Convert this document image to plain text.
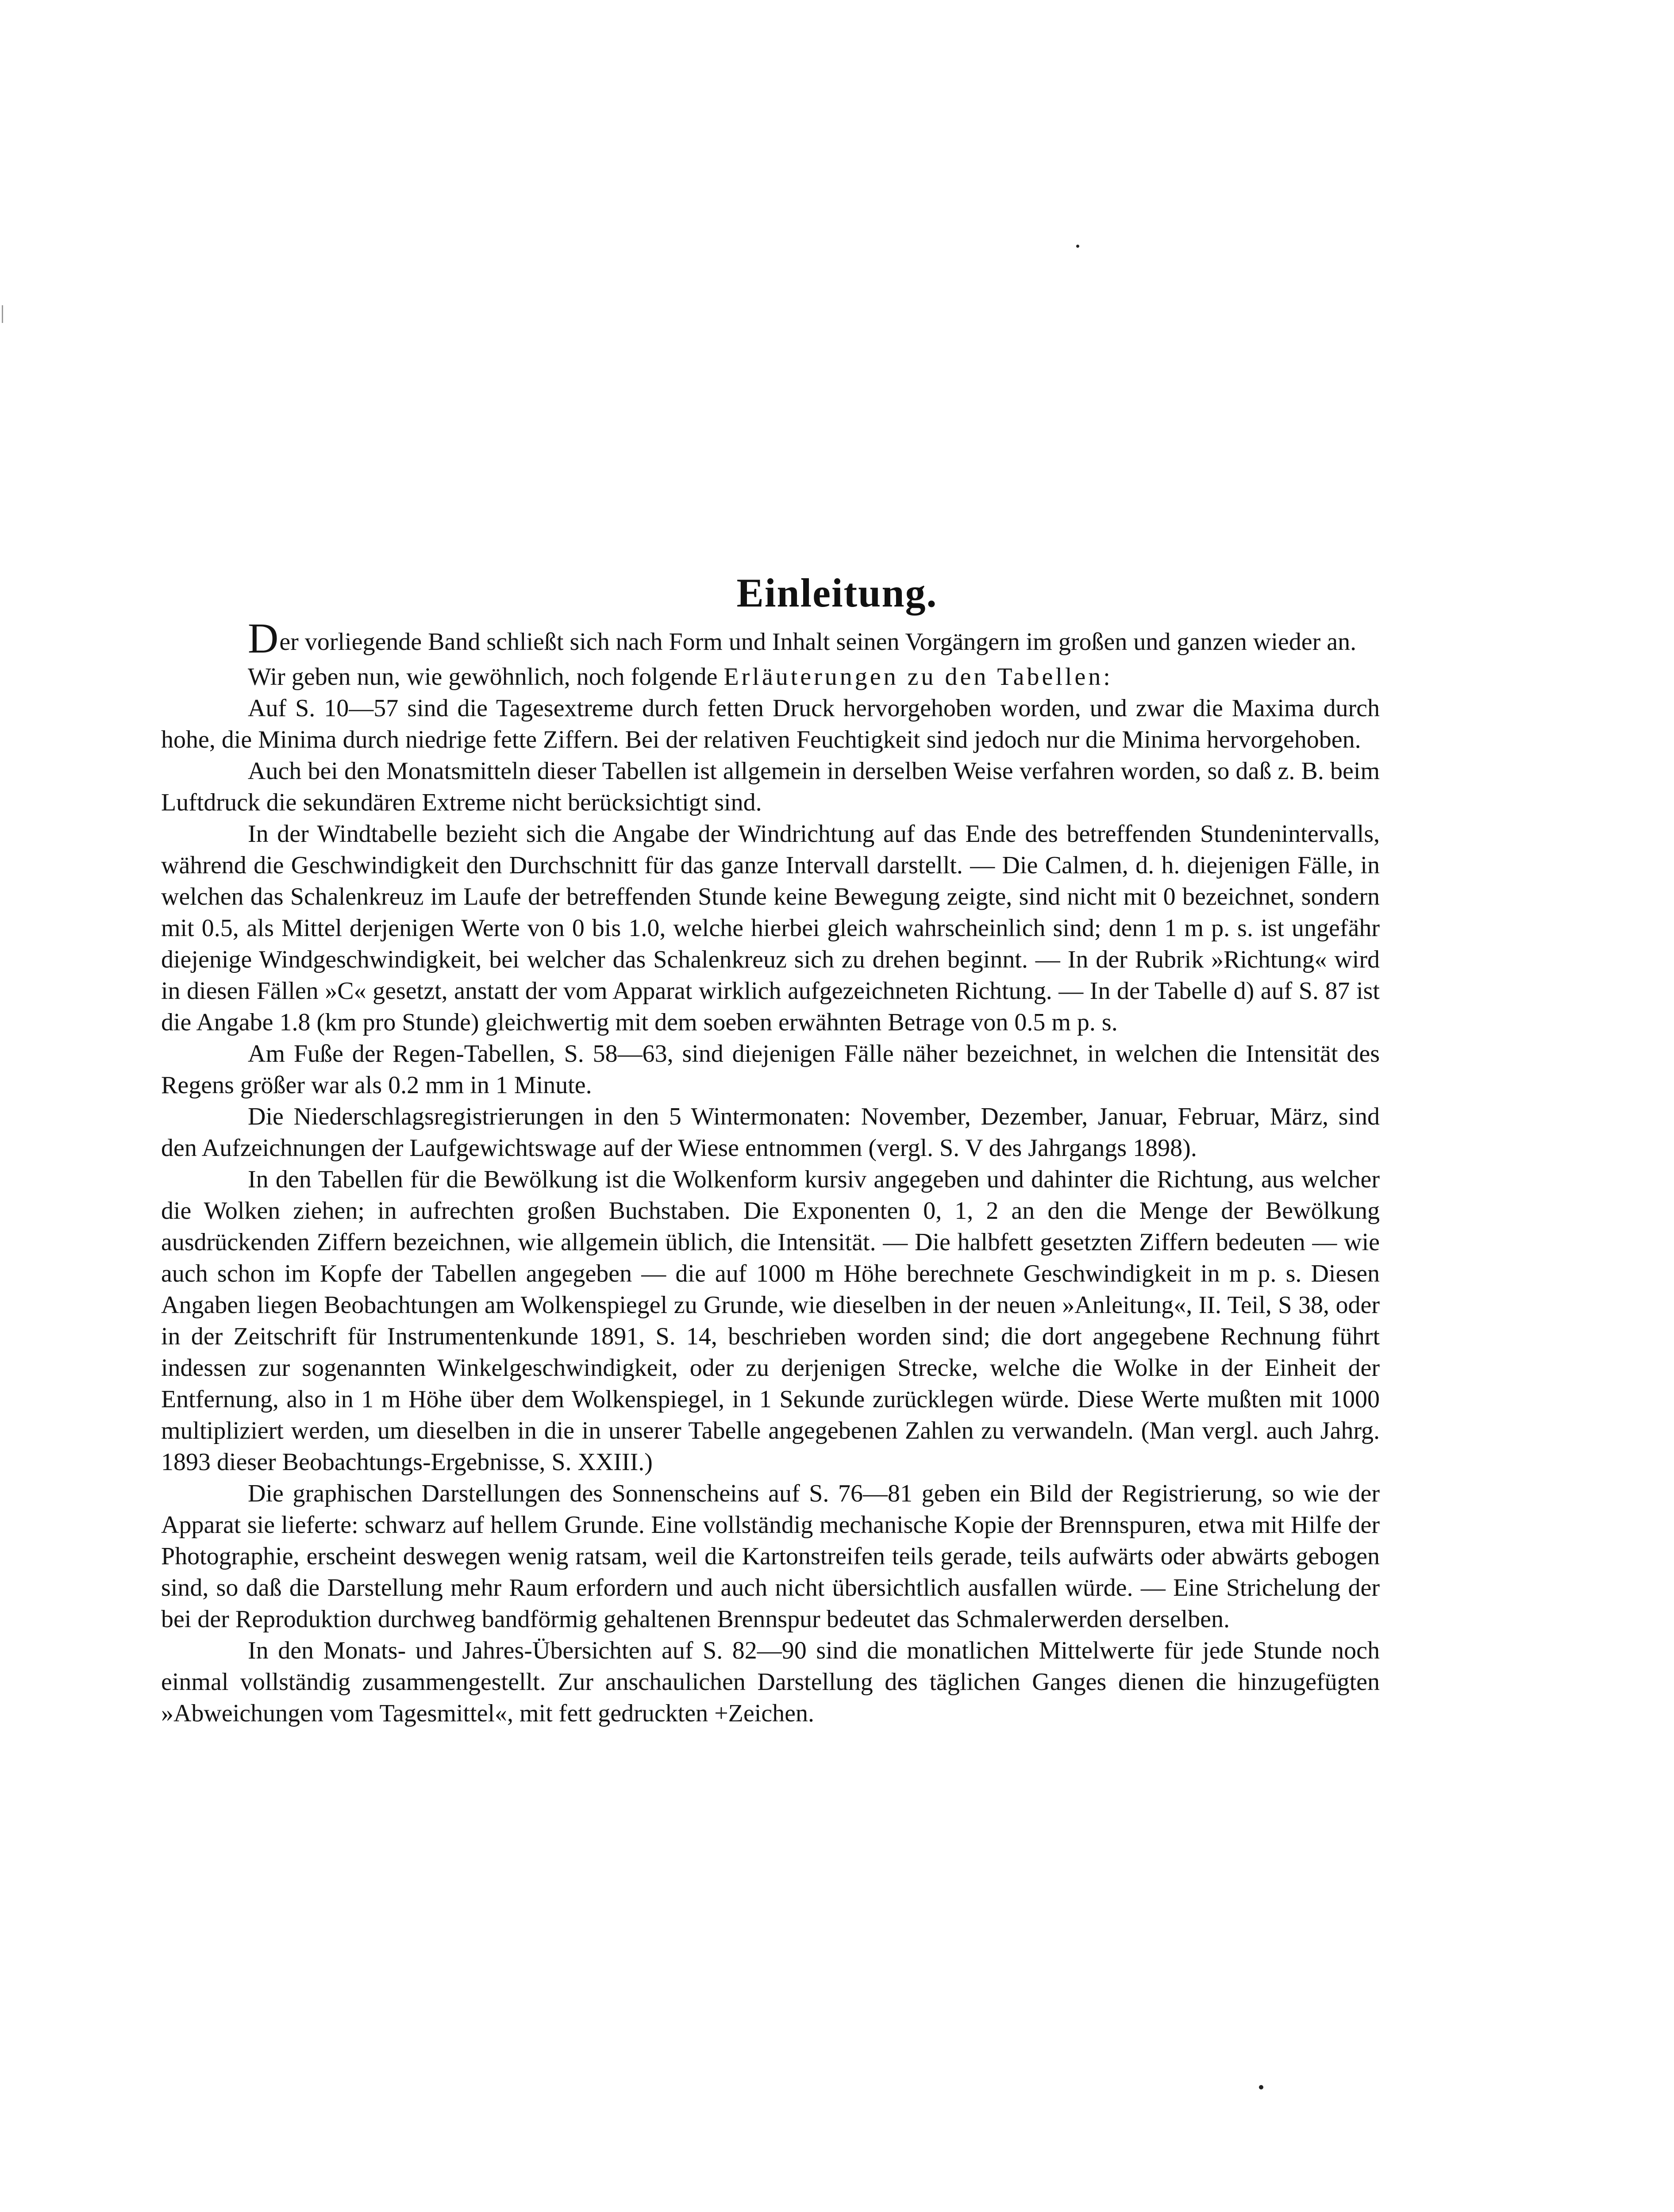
Einleitung.

Der vorliegende Band schließt sich nach Form und Inhalt seinen Vorgängern im großen und ganzen wieder an.

Wir geben nun, wie gewöhnlich, noch folgende Erläuterungen zu den Tabellen:

Auf S. 10—57 sind die Tagesextreme durch fetten Druck hervorgehoben worden, und zwar die Maxima durch hohe, die Minima durch niedrige fette Ziffern. Bei der relativen Feuchtigkeit sind jedoch nur die Minima hervorgehoben.

Auch bei den Monatsmitteln dieser Tabellen ist allgemein in derselben Weise verfahren worden, so daß z. B. beim Luftdruck die sekundären Extreme nicht berücksichtigt sind.

In der Windtabelle bezieht sich die Angabe der Windrichtung auf das Ende des betreffenden Stundenintervalls, während die Geschwindigkeit den Durchschnitt für das ganze Intervall darstellt. — Die Calmen, d. h. diejenigen Fälle, in welchen das Schalenkreuz im Laufe der betreffenden Stunde keine Bewegung zeigte, sind nicht mit 0 bezeichnet, sondern mit 0.5, als Mittel derjenigen Werte von 0 bis 1.0, welche hierbei gleich wahrscheinlich sind; denn 1 m p. s. ist ungefähr diejenige Windgeschwindigkeit, bei welcher das Schalenkreuz sich zu drehen beginnt. — In der Rubrik »Richtung« wird in diesen Fällen »C« gesetzt, anstatt der vom Apparat wirklich aufgezeichneten Richtung. — In der Tabelle d) auf S. 87 ist die Angabe 1.8 (km pro Stunde) gleichwertig mit dem soeben erwähnten Betrage von 0.5 m p. s.

Am Fuße der Regen-Tabellen, S. 58—63, sind diejenigen Fälle näher bezeichnet, in welchen die Intensität des Regens größer war als 0.2 mm in 1 Minute.

Die Niederschlagsregistrierungen in den 5 Wintermonaten: November, Dezember, Januar, Februar, März, sind den Aufzeichnungen der Laufgewichtswage auf der Wiese entnommen (vergl. S. V des Jahrgangs 1898).

In den Tabellen für die Bewölkung ist die Wolkenform kursiv angegeben und dahinter die Richtung, aus welcher die Wolken ziehen; in aufrechten großen Buchstaben. Die Exponenten 0, 1, 2 an den die Menge der Bewölkung ausdrückenden Ziffern bezeichnen, wie allgemein üblich, die Intensität. — Die halbfett gesetzten Ziffern bedeuten — wie auch schon im Kopfe der Tabellen angegeben — die auf 1000 m Höhe berechnete Geschwindigkeit in m p. s. Diesen Angaben liegen Beobachtungen am Wolkenspiegel zu Grunde, wie dieselben in der neuen »Anleitung«, II. Teil, S 38, oder in der Zeitschrift für Instrumentenkunde 1891, S. 14, beschrieben worden sind; die dort angegebene Rechnung führt indessen zur sogenannten Winkelgeschwindigkeit, oder zu derjenigen Strecke, welche die Wolke in der Einheit der Entfernung, also in 1 m Höhe über dem Wolkenspiegel, in 1 Sekunde zurücklegen würde. Diese Werte mußten mit 1000 multipliziert werden, um dieselben in die in unserer Tabelle angegebenen Zahlen zu verwandeln. (Man vergl. auch Jahrg. 1893 dieser Beobachtungs-Ergebnisse, S. XXIII.)

Die graphischen Darstellungen des Sonnenscheins auf S. 76—81 geben ein Bild der Registrierung, so wie der Apparat sie lieferte: schwarz auf hellem Grunde. Eine vollständig mechanische Kopie der Brennspuren, etwa mit Hilfe der Photographie, erscheint deswegen wenig ratsam, weil die Kartonstreifen teils gerade, teils aufwärts oder abwärts gebogen sind, so daß die Darstellung mehr Raum erfordern und auch nicht übersichtlich ausfallen würde. — Eine Strichelung der bei der Reproduktion durchweg bandförmig gehaltenen Brennspur bedeutet das Schmalerwerden derselben.

In den Monats- und Jahres-Übersichten auf S. 82—90 sind die monatlichen Mittelwerte für jede Stunde noch einmal vollständig zusammengestellt. Zur anschaulichen Darstellung des täglichen Ganges dienen die hinzugefügten »Abweichungen vom Tagesmittel«, mit fett gedruckten +Zeichen.
